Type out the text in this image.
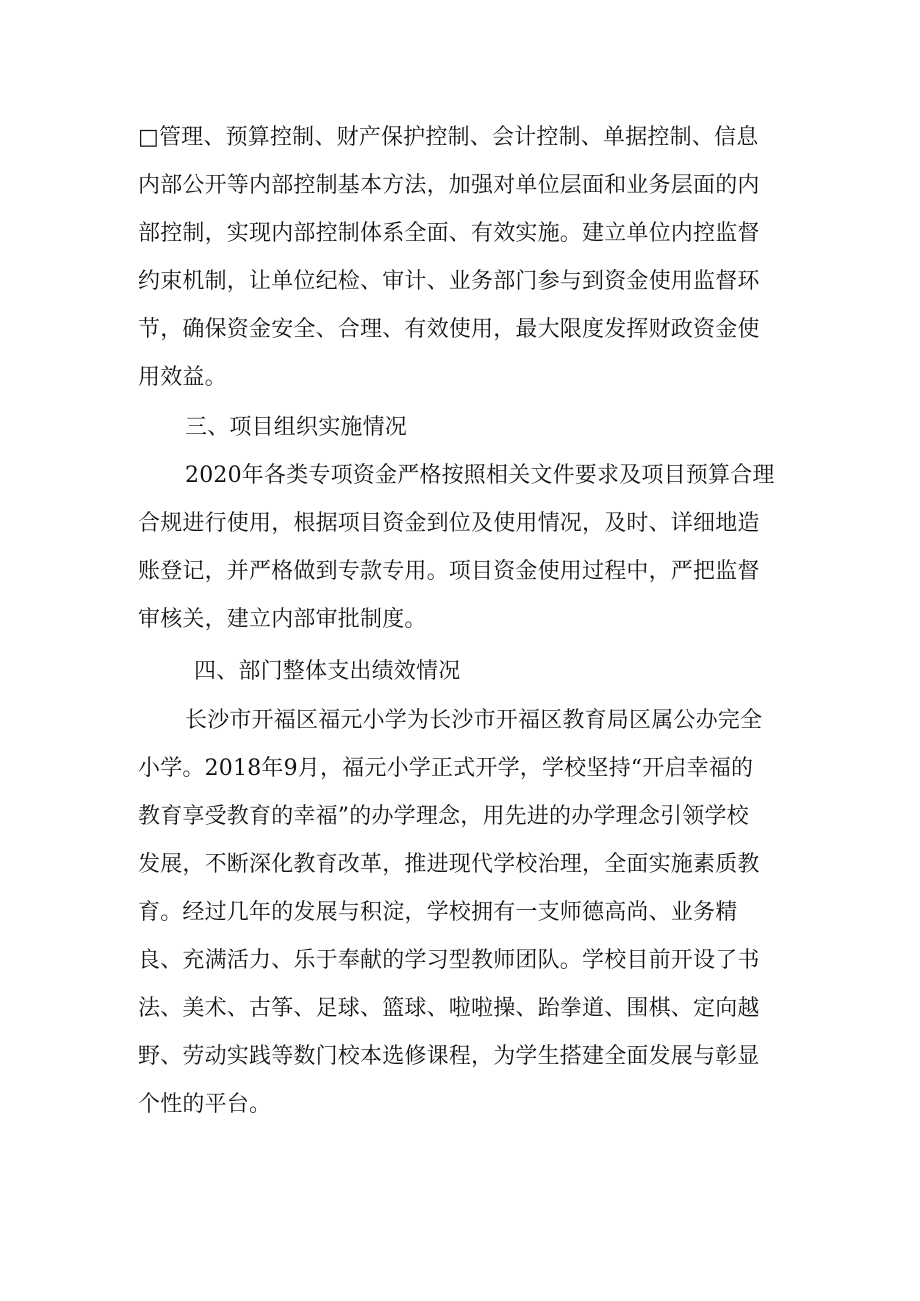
□管理、预算控制、财产保护控制、会计控制、单据控制、信息
内部公开等内部控制基本方法，加强对单位层面和业务层面的内
部控制，实现内部控制体系全面、有效实施。建立单位内控监督
约束机制，让单位纪检、审计、业务部门参与到资金使用监督环
节，确保资金安全、合理、有效使用，最大限度发挥财政资金使
用效益。
三、项目组织实施情况
2020年各类专项资金严格按照相关文件要求及项目预算合理
合规进行使用，根据项目资金到位及使用情况，及时、详细地造
账登记，并严格做到专款专用。项目资金使用过程中，严把监督
审核关，建立内部审批制度。
四、部门整体支出绩效情况
长沙市开福区福元小学为长沙市开福区教育局区属公办完全
小学。2018年9月，福元小学正式开学，学校坚持“开启幸福的
教育享受教育的幸福”的办学理念，用先进的办学理念引领学校
发展，不断深化教育改革，推进现代学校治理，全面实施素质教
育。经过几年的发展与积淀，学校拥有一支师德高尚、业务精
良、充满活力、乐于奉献的学习型教师团队。学校目前开设了书
法、美术、古筝、足球、篮球、啦啦操、跆拳道、围棋、定向越
野、劳动实践等数门校本选修课程，为学生搭建全面发展与彰显
个性的平台。
